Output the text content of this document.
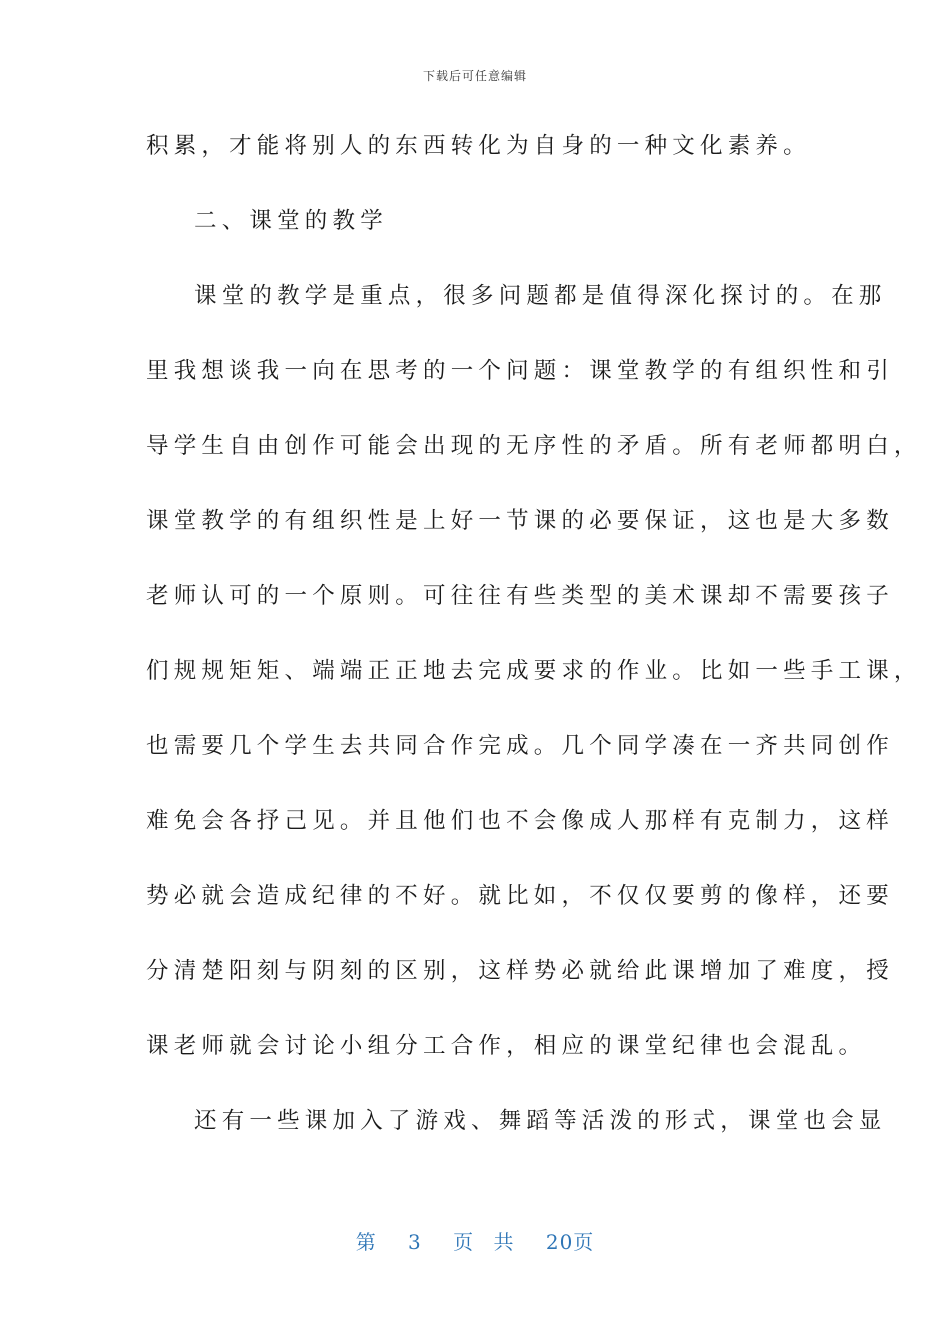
下载后可任意编辑
积累，才能将别人的东西转化为自身的一种文化素养。
二、课堂的教学
课堂的教学是重点，很多问题都是值得深化探讨的。在那
里我想谈我一向在思考的一个问题：课堂教学的有组织性和引
导学生自由创作可能会出现的无序性的矛盾。所有老师都明白，
课堂教学的有组织性是上好一节课的必要保证，这也是大多数
老师认可的一个原则。可往往有些类型的美术课却不需要孩子
们规规矩矩、端端正正地去完成要求的作业。比如一些手工课，
也需要几个学生去共同合作完成。几个同学凑在一齐共同创作
难免会各抒己见。并且他们也不会像成人那样有克制力，这样
势必就会造成纪律的不好。就比如，不仅仅要剪的像样，还要
分清楚阳刻与阴刻的区别，这样势必就给此课增加了难度，授
课老师就会讨论小组分工合作，相应的课堂纪律也会混乱。
还有一些课加入了游戏、舞蹈等活泼的形式，课堂也会显
第 3 页 共 20页
